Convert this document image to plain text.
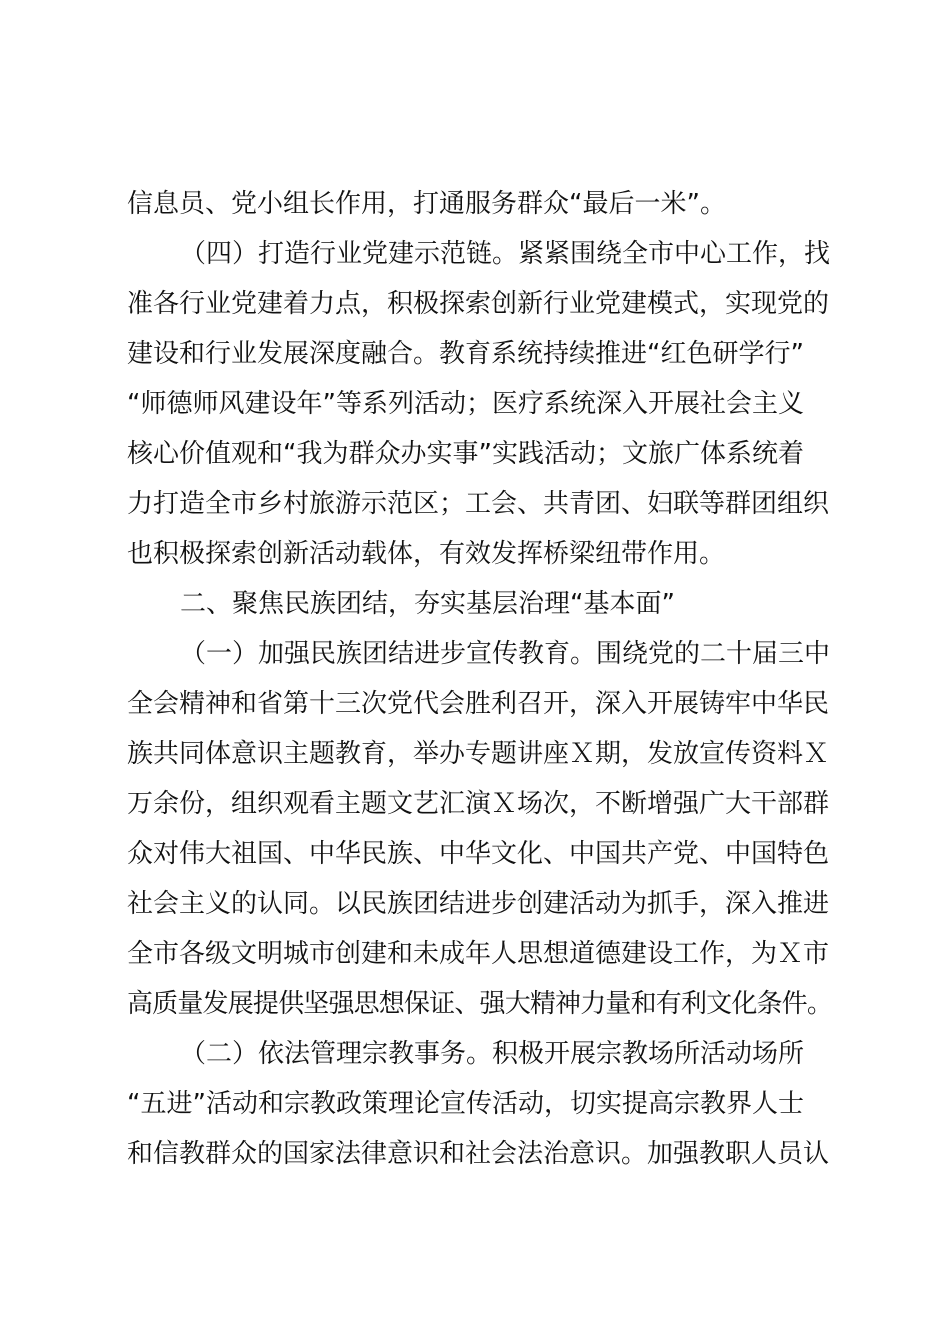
信息员、党小组长作用，打通服务群众“最后一米”。
（四）打造行业党建示范链。紧紧围绕全市中心工作，找
准各行业党建着力点，积极探索创新行业党建模式，实现党的
建设和行业发展深度融合。教育系统持续推进“红色研学行”
“师德师风建设年”等系列活动；医疗系统深入开展社会主义
核心价值观和“我为群众办实事”实践活动；文旅广体系统着
力打造全市乡村旅游示范区；工会、共青团、妇联等群团组织
也积极探索创新活动载体，有效发挥桥梁纽带作用。
二、聚焦民族团结，夯实基层治理“基本面”
（一）加强民族团结进步宣传教育。围绕党的二十届三中
全会精神和省第十三次党代会胜利召开，深入开展铸牢中华民
族共同体意识主题教育，举办专题讲座Ｘ期，发放宣传资料Ｘ
万余份，组织观看主题文艺汇演Ｘ场次，不断增强广大干部群
众对伟大祖国、中华民族、中华文化、中国共产党、中国特色
社会主义的认同。以民族团结进步创建活动为抓手，深入推进
全市各级文明城市创建和未成年人思想道德建设工作，为Ｘ市
高质量发展提供坚强思想保证、强大精神力量和有利文化条件。
（二）依法管理宗教事务。积极开展宗教场所活动场所
“五进”活动和宗教政策理论宣传活动，切实提高宗教界人士
和信教群众的国家法律意识和社会法治意识。加强教职人员认
